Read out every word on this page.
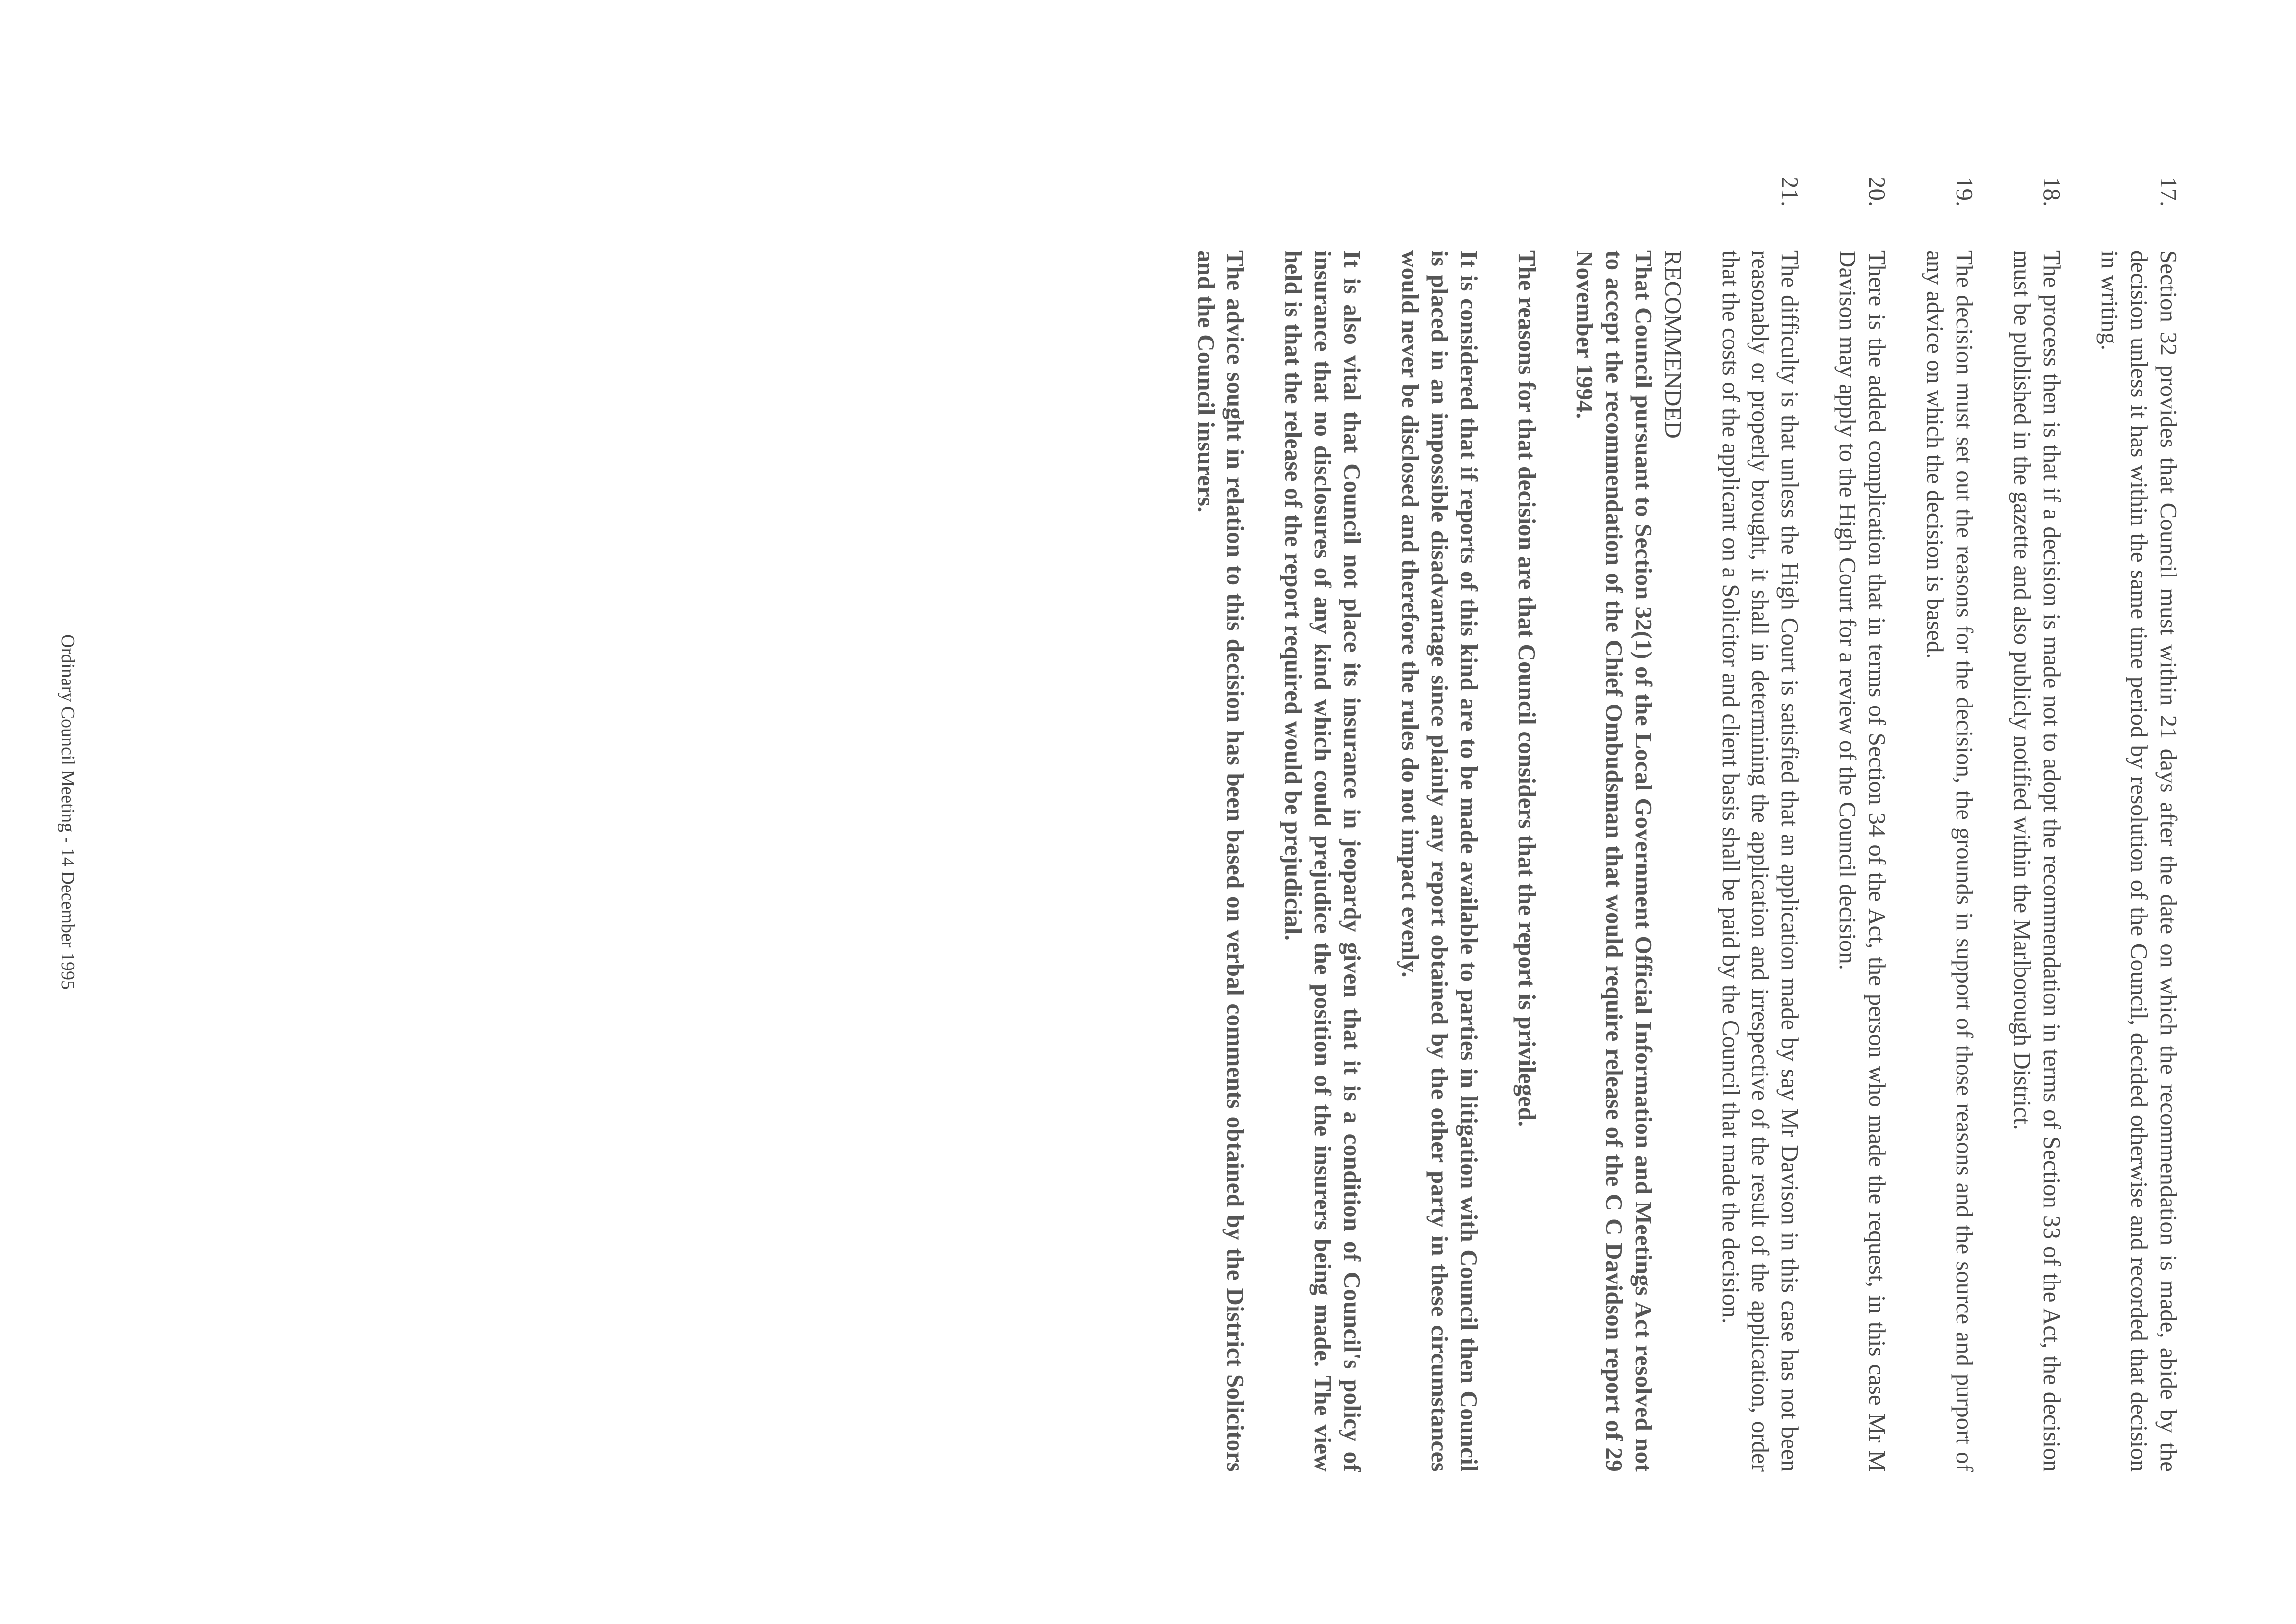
17.

Section 32 provides that Council must within 21 days after the date on which the recommendation is made, abide by the decision unless it has within the same time period by resolution of the Council, decided otherwise and recorded that decision in writing.

18.

The process then is that if a decision is made not to adopt the recommendation in terms of Section 33 of the Act, the decision must be published in the gazette and also publicly notified within the Marlborough District.

19.

The decision must set out the reasons for the decision, the grounds in support of those reasons and the source and purport of any advice on which the decision is based.

20.

There is the added complication that in terms of Section 34 of the Act, the person who made the request, in this case Mr M Davison may apply to the High Court for a review of the Council decision.

21.

The difficulty is that unless the High Court is satisfied that an application made by say Mr Davison in this case has not been reasonably or properly brought, it shall in determining the application and irrespective of the result of the application, order that the costs of the applicant on a Solicitor and client basis shall be paid by the Council that made the decision.

RECOMMENDED

That Council pursuant to Section 32(1) of the Local Government Official Information and Meetings Act resolved not to accept the recommendation of the Chief Ombudsman that would require release of the C C Davidson report of 29 November 1994.

The reasons for that decision are that Council considers that the report is privileged.

It is considered that if reports of this kind are to be made available to parties in litigation with Council then Council is placed in an impossible disadvantage since plainly any report obtained by the other party in these circumstances would never be disclosed and therefore the rules do not impact evenly.

It is also vital that Council not place its insurance in jeopardy given that it is a condition of Council's policy of insurance that no disclosures of any kind which could prejudice the position of the insurers being made. The view held is that the release of the report required would be prejudicial.

The advice sought in relation to this decision has been based on verbal comments obtained by the District Solicitors and the Council insurers.

Ordinary Council Meeting - 14 December 1995
